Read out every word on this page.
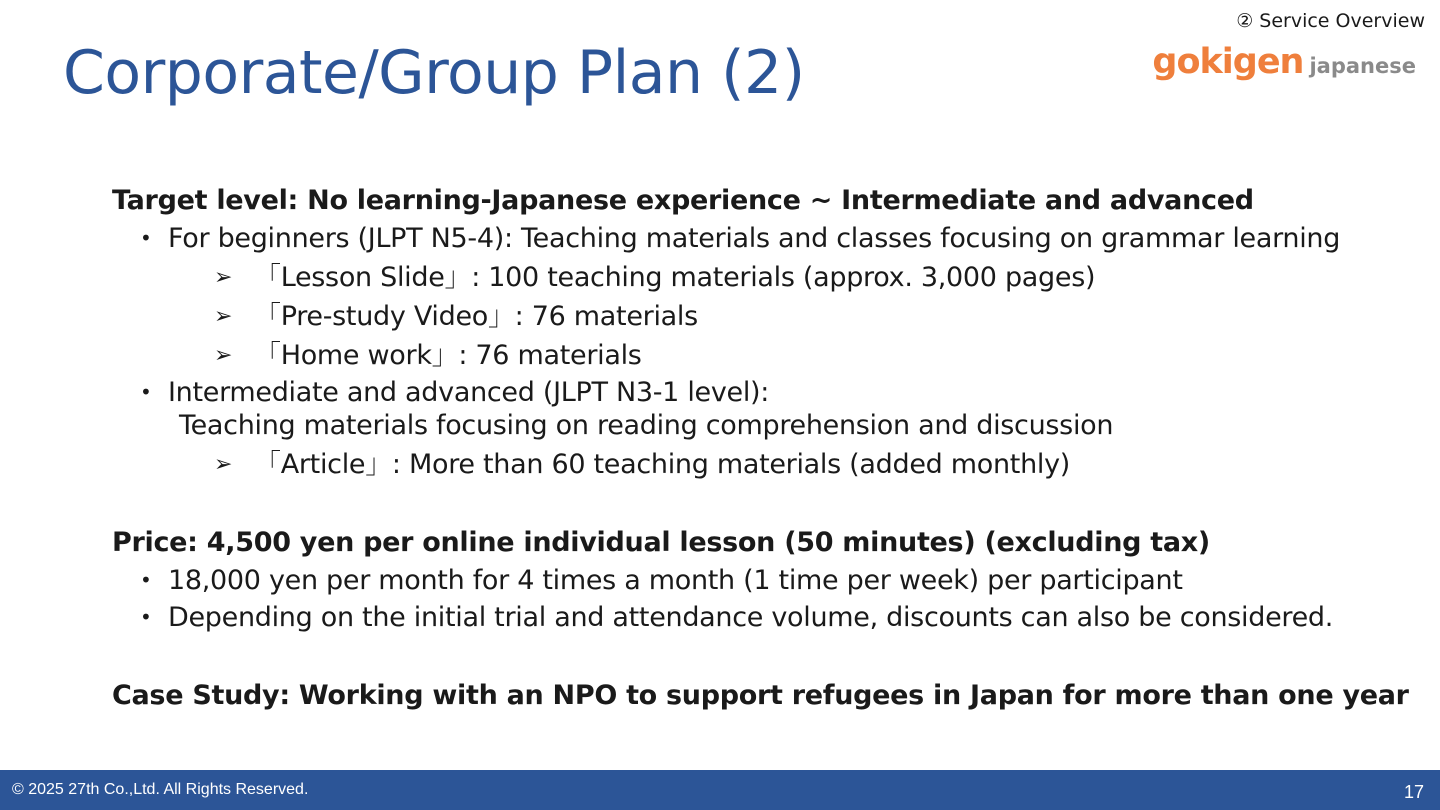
② Service Overview
gokigen japanese
Corporate/Group Plan (2)
Target level: No learning-Japanese experience ~ Intermediate and advanced
• For beginners (JLPT N5-4): Teaching materials and classes focusing on grammar learning
➢ 「Lesson Slide」: 100 teaching materials (approx. 3,000 pages)
➢ 「Pre-study Video」: 76 materials
➢ 「Home work」: 76 materials
• Intermediate and advanced (JLPT N3-1 level):
Teaching materials focusing on reading comprehension and discussion
➢ 「Article」: More than 60 teaching materials (added monthly)
Price: 4,500 yen per online individual lesson (50 minutes) (excluding tax)
• 18,000 yen per month for 4 times a month (1 time per week) per participant
• Depending on the initial trial and attendance volume, discounts can also be considered.
Case Study: Working with an NPO to support refugees in Japan for more than one year
© 2025 27th Co.,Ltd. All Rights Reserved.	17
